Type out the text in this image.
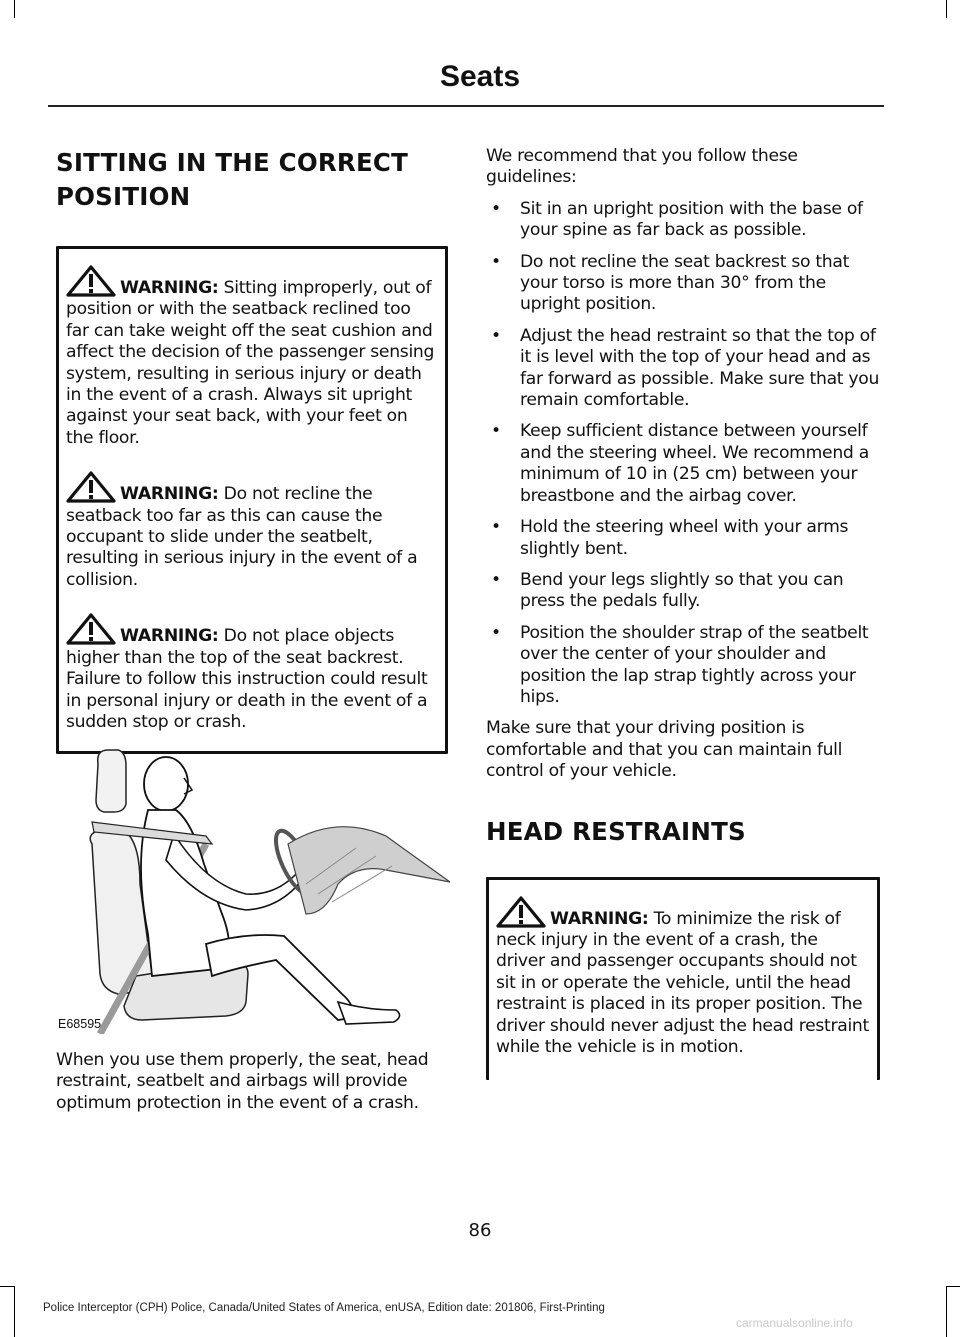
Seats
SITTING IN THE CORRECT
POSITION
WARNING: Sitting improperly, out of position or with the seatback reclined too far can take weight off the seat cushion and affect the decision of the passenger sensing system, resulting in serious injury or death in the event of a crash. Always sit upright against your seat back, with your feet on the floor.
WARNING: Do not recline the seatback too far as this can cause the occupant to slide under the seatbelt, resulting in serious injury in the event of a collision.
WARNING: Do not place objects higher than the top of the seat backrest. Failure to follow this instruction could result in personal injury or death in the event of a sudden stop or crash.
E68595

When you use them properly, the seat, head restraint, seatbelt and airbags will provide optimum protection in the event of a crash.

We recommend that you follow these guidelines:

• Sit in an upright position with the base of your spine as far back as possible.
• Do not recline the seat backrest so that your torso is more than 30° from the upright position.
• Adjust the head restraint so that the top of it is level with the top of your head and as far forward as possible. Make sure that you remain comfortable.
• Keep sufficient distance between yourself and the steering wheel. We recommend a minimum of 10 in (25 cm) between your breastbone and the airbag cover.
• Hold the steering wheel with your arms slightly bent.
• Bend your legs slightly so that you can press the pedals fully.
• Position the shoulder strap of the seatbelt over the center of your shoulder and position the lap strap tightly across your hips.

Make sure that your driving position is comfortable and that you can maintain full control of your vehicle.

HEAD RESTRAINTS
WARNING: To minimize the risk of neck injury in the event of a crash, the driver and passenger occupants should not sit in or operate the vehicle, until the head restraint is placed in its proper position. The driver should never adjust the head restraint while the vehicle is in motion.
86
Police Interceptor (CPH) Police, Canada/United States of America, enUSA, Edition date: 201806, First-Printing
carmanualsonline.info
